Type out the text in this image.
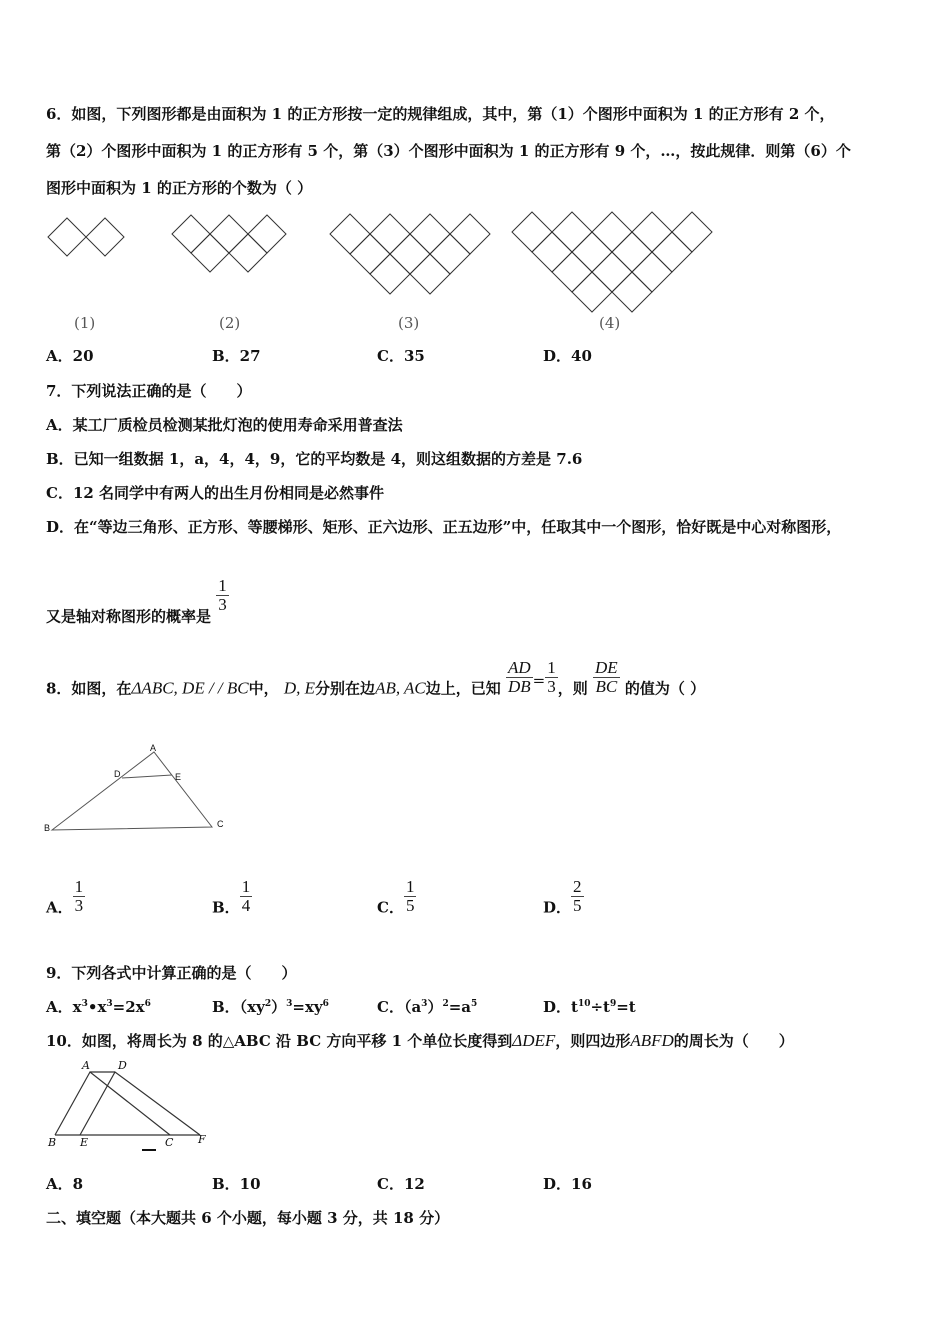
6．如图，下列图形都是由面积为 1 的正方形按一定的规律组成，其中，第（1）个图形中面积为 1 的正方形有 2 个，
第（2）个图形中面积为 1 的正方形有 5 个，第（3）个图形中面积为 1 的正方形有 9 个，…，按此规律．则第（6）个
图形中面积为 1 的正方形的个数为（ ）
(1)	(2)	(3)	(4)
A．20	B．27	C．35	D．40
7．下列说法正确的是（　　）
A．某工厂质检员检测某批灯泡的使用寿命采用普查法
B．已知一组数据 1，a，4，4，9，它的平均数是 4，则这组数据的方差是 7.6
C．12 名同学中有两人的出生月份相同是必然事件
D．在“等边三角形、正方形、等腰梯形、矩形、正六边形、正五边形”中，任取其中一个图形，恰好既是中心对称图形，
又是轴对称图形的概率是
$\frac{1}{3}$
8．如图，在ΔABC, DE / / BC中， D, E分别在边AB, AC边上，已知 $\frac{AD}{DB} = \frac{1}{3}$ ，则 $\frac{DE}{BC}$ 的值为（ ）
A
D	E
B	C
A． $\frac{1}{3}$	B． $\frac{1}{4}$	C． $\frac{1}{5}$	D． $\frac{2}{5}$
9．下列各式中计算正确的是（　　）
A．$x^3•x^3=2x^6$	B．$(xy^2)^3=xy^6$	C．$(a^3)^2=a^5$	D．$t^{10}\div t^9=t$
10．如图，将周长为 8 的△ABC 沿 BC 方向平移 1 个单位长度得到ΔDEF，则四边形ABFD的周长为（　　）
A	D
B E	C F
A．8	B．10	C．12	D．16
二、填空题（本大题共 6 个小题，每小题 3 分，共 18 分）
